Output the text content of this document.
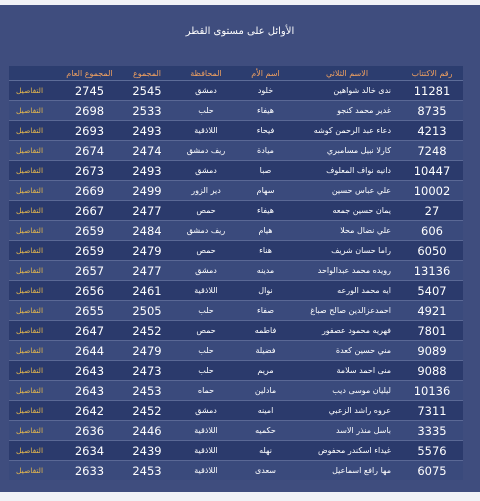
الأوائل على مستوى القطر
رقم الاكتتاب	الاسم الثلاثي	اسم الأم	المحافظة	المجموع	المجموع العام	
11281	ندى خالد شواهين	خلود	دمشق	2545	2745	التفاصيل
8735	غدير محمد كنجو	هيفاء	حلب	2533	2698	التفاصيل
4213	دعاء عبد الرحمن كوشه	فيحاء	اللاذقية	2493	2693	التفاصيل
7248	كارلا نبيل مسامبري	ميادة	ريف دمشق	2474	2674	التفاصيل
10447	دانيه نواف المعلوف	صبا	دمشق	2493	2673	التفاصيل
10002	علي عباس حسين	سهام	دير الزور	2499	2669	التفاصيل
27	يمان حسين جمعه	هيفاء	حمص	2477	2667	التفاصيل
606	علي نضال محلا	هيام	ريف دمشق	2484	2659	التفاصيل
6050	راما حسان شريف	هناء	حمص	2479	2659	التفاصيل
13136	رويده محمد عبدالواحد	مدينه	دمشق	2477	2657	التفاصيل
5407	ايه محمد الورعه	نوال	اللاذقية	2461	2656	التفاصيل
4921	احمدعزالدين صالح صباغ	صفاء	حلب	2505	2655	التفاصيل
7801	فهريه محمود عصفور	فاطمه	حمص	2452	2647	التفاصيل
9089	مني حسين كعدة	فضيلة	حلب	2479	2644	التفاصيل
9088	منى احمد سلامة	مريم	حلب	2473	2643	التفاصيل
10136	ليليان موسى ديب	مادلين	حماه	2453	2643	التفاصيل
7311	عروه راشد الزعبي	امينه	دمشق	2452	2642	التفاصيل
3335	باسل منذر الاسد	حكميه	اللاذقية	2446	2636	التفاصيل
5576	غيداء اسكندر محفوض	نهله	اللاذقية	2439	2634	التفاصيل
6075	مها رافع اسماعيل	سعدى	اللاذقية	2453	2633	التفاصيل
